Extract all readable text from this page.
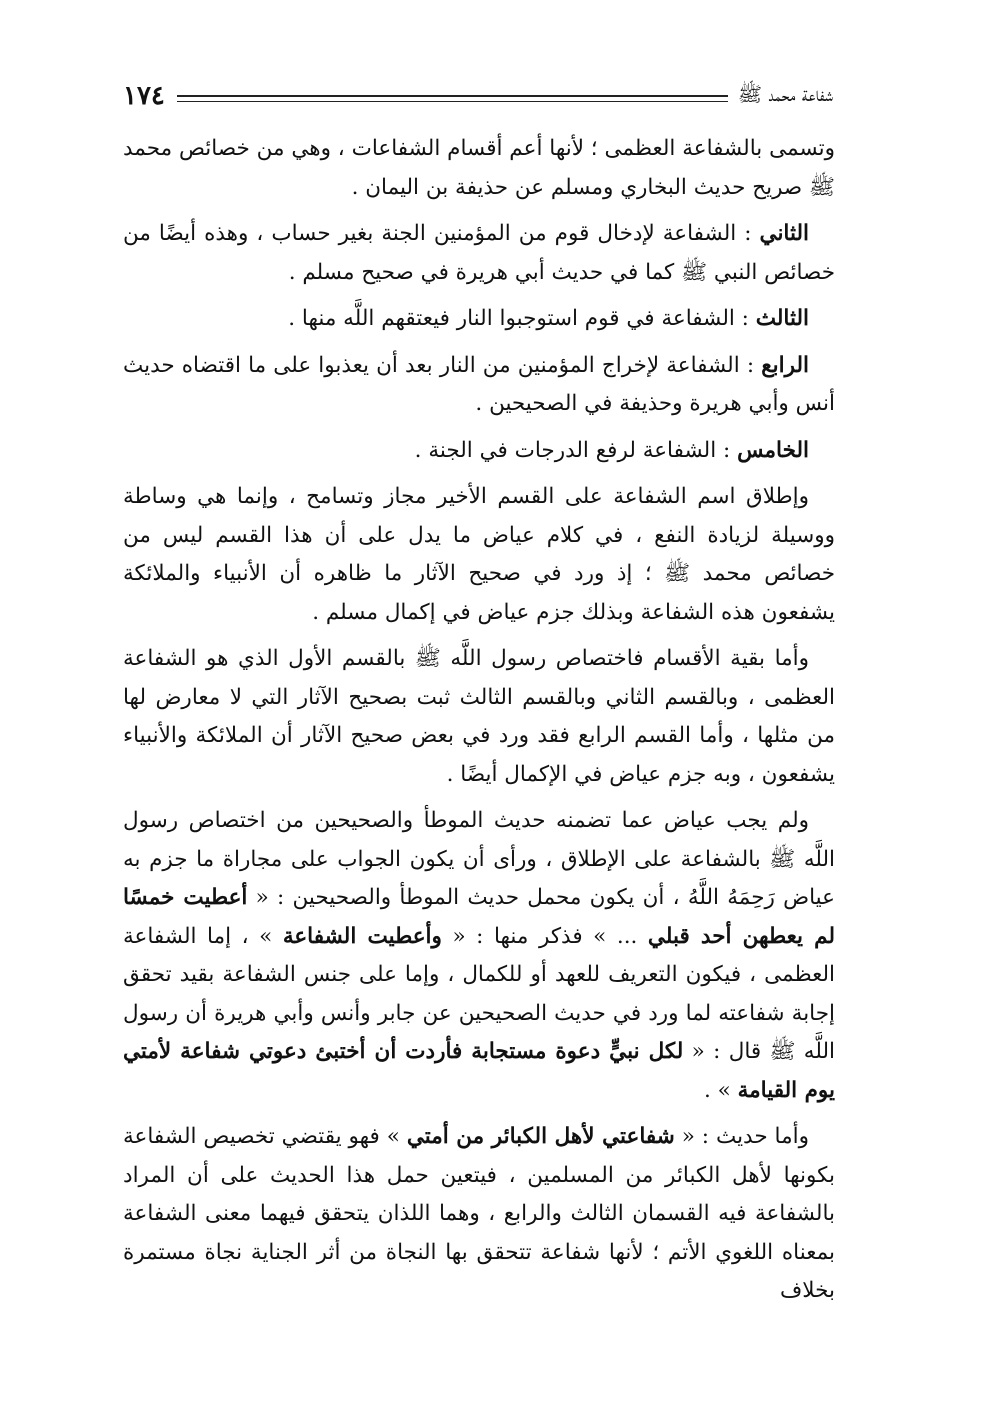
١٧٤	شفاعة محمد ﷺ

وتسمى بالشفاعة العظمى ؛ لأنها أعم أقسام الشفاعات ، وهي من خصائص محمد ﷺ صريح حديث البخاري ومسلم عن حذيفة بن اليمان .

الثاني : الشفاعة لإدخال قوم من المؤمنين الجنة بغير حساب ، وهذه أيضًا من خصائص النبي ﷺ كما في حديث أبي هريرة في صحيح مسلم .

الثالث : الشفاعة في قوم استوجبوا النار فيعتقهم اللَّه منها .

الرابع : الشفاعة لإخراج المؤمنين من النار بعد أن يعذبوا على ما اقتضاه حديث أنس وأبي هريرة وحذيفة في الصحيحين .

الخامس : الشفاعة لرفع الدرجات في الجنة .

وإطلاق اسم الشفاعة على القسم الأخير مجاز وتسامح ، وإنما هي وساطة ووسيلة لزيادة النفع ، في كلام عياض ما يدل على أن هذا القسم ليس من خصائص محمد ﷺ ؛ إذ ورد في صحيح الآثار ما ظاهره أن الأنبياء والملائكة يشفعون هذه الشفاعة وبذلك جزم عياض في إكمال مسلم .

وأما بقية الأقسام فاختصاص رسول اللَّه ﷺ بالقسم الأول الذي هو الشفاعة العظمى ، وبالقسم الثاني وبالقسم الثالث ثبت بصحيح الآثار التي لا معارض لها من مثلها ، وأما القسم الرابع فقد ورد في بعض صحيح الآثار أن الملائكة والأنبياء يشفعون ، وبه جزم عياض في الإكمال أيضًا .

ولم يجب عياض عما تضمنه حديث الموطأ والصحيحين من اختصاص رسول اللَّه ﷺ بالشفاعة على الإطلاق ، ورأى أن يكون الجواب على مجاراة ما جزم به عياض رَحِمَهُ اللَّهُ ، أن يكون محمل حديث الموطأ والصحيحين : « أعطيت خمسًا لم يعطهن أحد قبلي ... » فذكر منها : « وأعطيت الشفاعة » ، إما الشفاعة العظمى ، فيكون التعريف للعهد أو للكمال ، وإما على جنس الشفاعة بقيد تحقق إجابة شفاعته لما ورد في حديث الصحيحين عن جابر وأنس وأبي هريرة أن رسول اللَّه ﷺ قال : « لكل نبيٍّ دعوة مستجابة فأردت أن أختبئ دعوتي شفاعة لأمتي يوم القيامة » .

وأما حديث : « شفاعتي لأهل الكبائر من أمتي » فهو يقتضي تخصيص الشفاعة بكونها لأهل الكبائر من المسلمين ، فيتعين حمل هذا الحديث على أن المراد بالشفاعة فيه القسمان الثالث والرابع ، وهما اللذان يتحقق فيهما معنى الشفاعة بمعناه اللغوي الأتم ؛ لأنها شفاعة تتحقق بها النجاة من أثر الجناية نجاة مستمرة بخلاف
